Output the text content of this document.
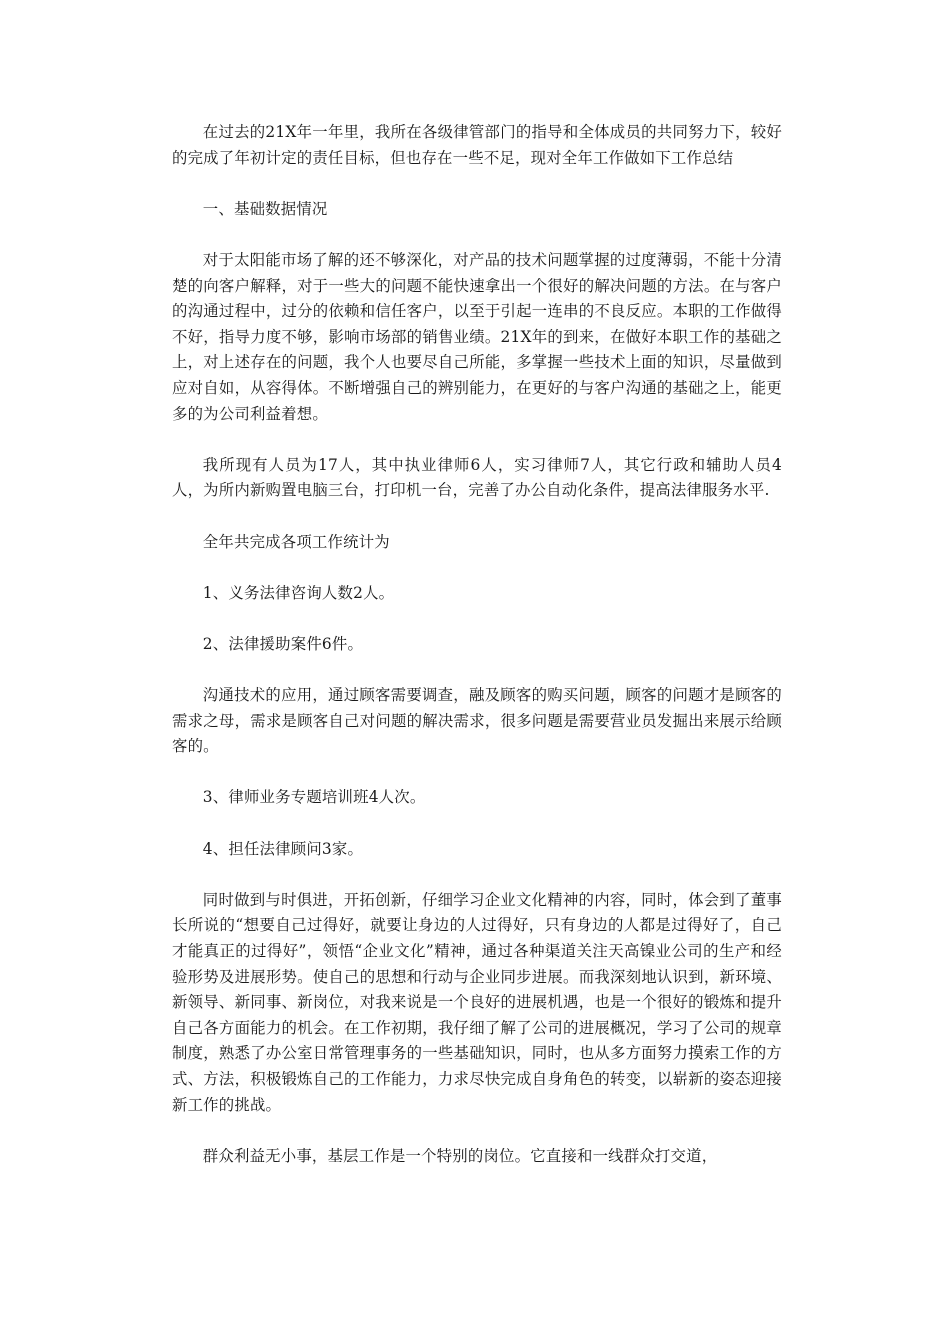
在过去的21X年一年里，我所在各级律管部门的指导和全体成员的共同努力下，较好的完成了年初计定的责任目标，但也存在一些不足，现对全年工作做如下工作总结

一、基础数据情况

对于太阳能市场了解的还不够深化，对产品的技术问题掌握的过度薄弱，不能十分清楚的向客户解释，对于一些大的问题不能快速拿出一个很好的解决问题的方法。在与客户的沟通过程中，过分的依赖和信任客户，以至于引起一连串的不良反应。本职的工作做得不好，指导力度不够，影响市场部的销售业绩。21X年的到来，在做好本职工作的基础之上，对上述存在的问题，我个人也要尽自己所能，多掌握一些技术上面的知识，尽量做到应对自如，从容得体。不断增强自己的辨别能力，在更好的与客户沟通的基础之上，能更多的为公司利益着想。

我所现有人员为17人，其中执业律师6人，实习律师7人，其它行政和辅助人员4人，为所内新购置电脑三台，打印机一台，完善了办公自动化条件，提高法律服务水平.

全年共完成各项工作统计为

1、义务法律咨询人数2人。

2、法律援助案件6件。

沟通技术的应用，通过顾客需要调查，融及顾客的购买问题，顾客的问题才是顾客的需求之母，需求是顾客自己对问题的解决需求，很多问题是需要营业员发掘出来展示给顾客的。

3、律师业务专题培训班4人次。

4、担任法律顾问3家。

同时做到与时俱进，开拓创新，仔细学习企业文化精神的内容，同时，体会到了董事长所说的“想要自己过得好，就要让身边的人过得好，只有身边的人都是过得好了，自己才能真正的过得好”，领悟“企业文化”精神，通过各种渠道关注天高镍业公司的生产和经验形势及进展形势。使自己的思想和行动与企业同步进展。而我深刻地认识到，新环境、新领导、新同事、新岗位，对我来说是一个良好的进展机遇，也是一个很好的锻炼和提升自己各方面能力的机会。在工作初期，我仔细了解了公司的进展概况，学习了公司的规章制度，熟悉了办公室日常管理事务的一些基础知识，同时，也从多方面努力摸索工作的方式、方法，积极锻炼自己的工作能力，力求尽快完成自身角色的转变，以崭新的姿态迎接新工作的挑战。

群众利益无小事，基层工作是一个特别的岗位。它直接和一线群众打交道，
